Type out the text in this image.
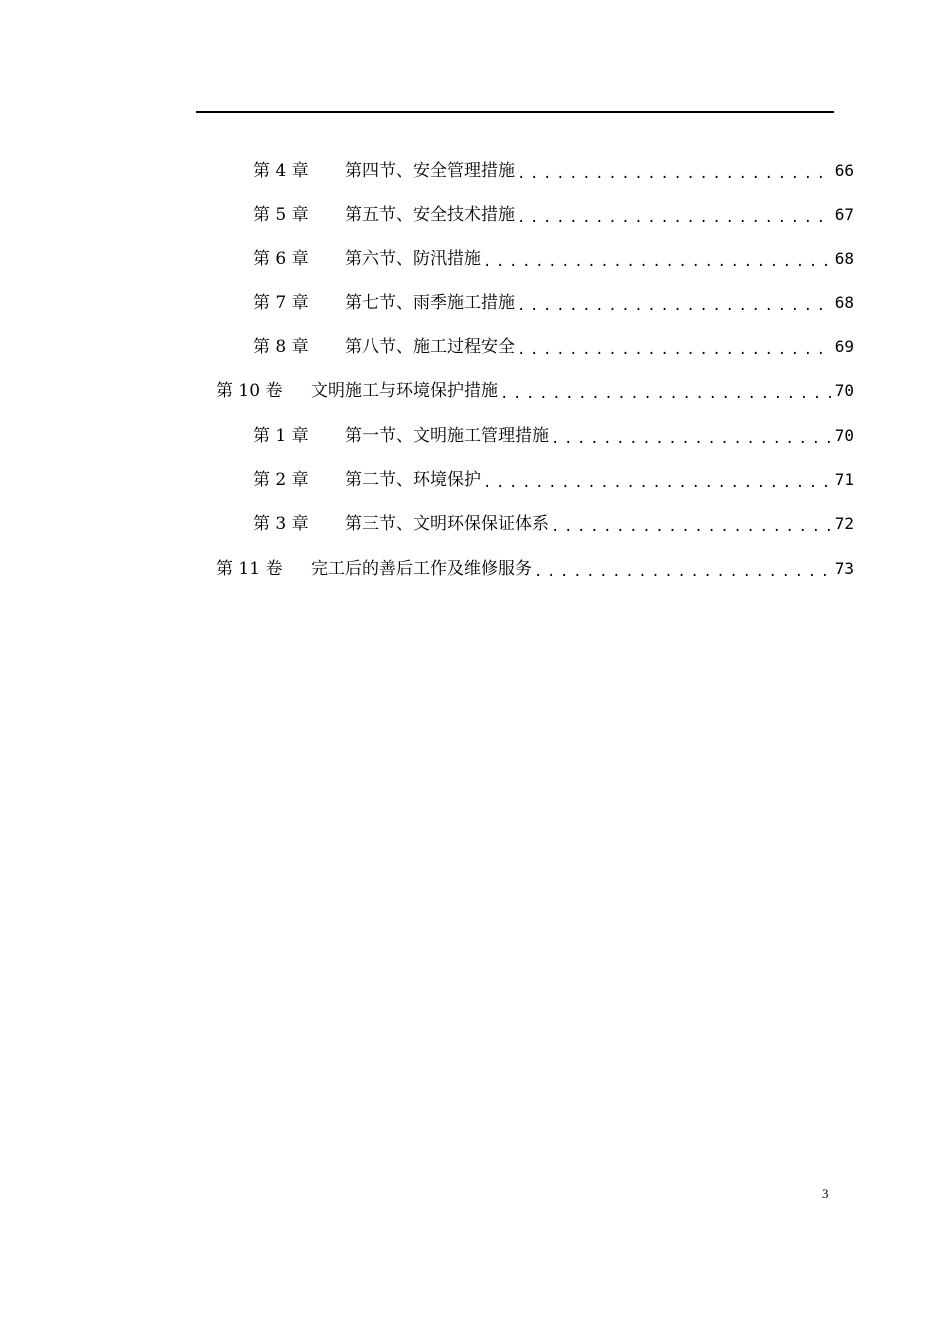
第 4 章	第四节、安全管理措施 .....	66
第 5 章	第五节、安全技术措施 .....	67
第 6 章	第六节、防汛措施 .....	68
第 7 章	第七节、雨季施工措施 .....	68
第 8 章	第八节、施工过程安全 .....	69
第 10 卷	文明施工与环境保护措施 .....	70
第 1 章	第一节、文明施工管理措施 .....	70
第 2 章	第二节、环境保护 .....	71
第 3 章	第三节、文明环保保证体系 .....	72
第 11 卷	完工后的善后工作及维修服务 .....	73
3
